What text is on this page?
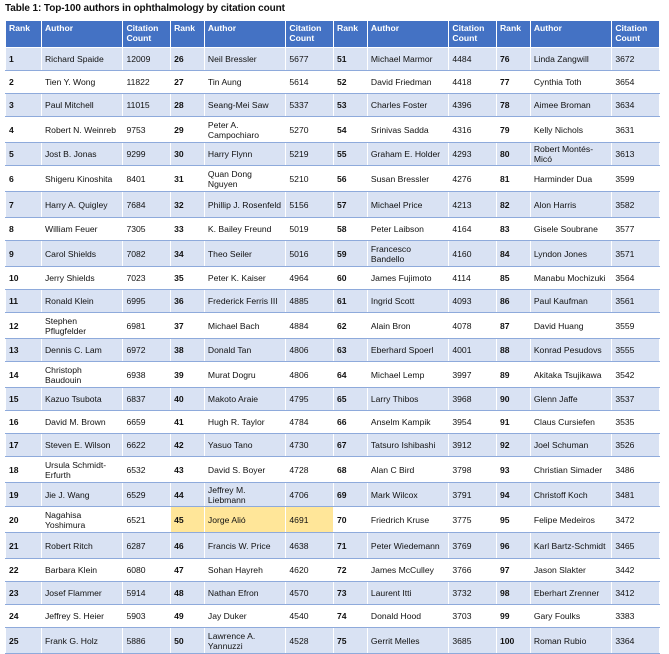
Table 1: Top-100 authors in ophthalmology by citation count
Rank	Author	Citation Count	Rank	Author	Citation Count	Rank	Author	Citation Count	Rank	Author	Citation Count
1	Richard Spaide	12009	26	Neil Bressler	5677	51	Michael Marmor	4484	76	Linda Zangwill	3672
2	Tien Y. Wong	11822	27	Tin Aung	5614	52	David Friedman	4418	77	Cynthia Toth	3654
3	Paul Mitchell	11015	28	Seang-Mei Saw	5337	53	Charles Foster	4396	78	Aimee Broman	3634
4	Robert N. Weinreb	9753	29	Peter A. Campochiaro	5270	54	Srinivas Sadda	4316	79	Kelly Nichols	3631
5	Jost B. Jonas	9299	30	Harry Flynn	5219	55	Graham E. Holder	4293	80	Robert Montés-Micó	3613
6	Shigeru Kinoshita	8401	31	Quan Dong Nguyen	5210	56	Susan Bressler	4276	81	Harminder Dua	3599
7	Harry A. Quigley	7684	32	Phillip J. Rosenfeld	5156	57	Michael Price	4213	82	Alon Harris	3582
8	William Feuer	7305	33	K. Bailey Freund	5019	58	Peter Laibson	4164	83	Gisele Soubrane	3577
9	Carol Shields	7082	34	Theo Seiler	5016	59	Francesco Bandello	4160	84	Lyndon Jones	3571
10	Jerry Shields	7023	35	Peter K. Kaiser	4964	60	James Fujimoto	4114	85	Manabu Mochizuki	3564
11	Ronald Klein	6995	36	Frederick Ferris III	4885	61	Ingrid Scott	4093	86	Paul Kaufman	3561
12	Stephen Pflugfelder	6981	37	Michael Bach	4884	62	Alain Bron	4078	87	David Huang	3559
13	Dennis C. Lam	6972	38	Donald Tan	4806	63	Eberhard Spoerl	4001	88	Konrad Pesudovs	3555
14	Christoph Baudouin	6938	39	Murat Dogru	4806	64	Michael Lemp	3997	89	Akitaka Tsujikawa	3542
15	Kazuo Tsubota	6837	40	Makoto Araie	4795	65	Larry Thibos	3968	90	Glenn Jaffe	3537
16	David M. Brown	6659	41	Hugh R. Taylor	4784	66	Anselm Kampik	3954	91	Claus Cursiefen	3535
17	Steven E. Wilson	6622	42	Yasuo Tano	4730	67	Tatsuro Ishibashi	3912	92	Joel Schuman	3526
18	Ursula Schmidt-Erfurth	6532	43	David S. Boyer	4728	68	Alan C Bird	3798	93	Christian Simader	3486
19	Jie J. Wang	6529	44	Jeffrey M. Liebmann	4706	69	Mark Wilcox	3791	94	Christoff Koch	3481
20	Nagahisa Yoshimura	6521	45	Jorge Alió	4691	70	Friedrich Kruse	3775	95	Felipe Medeiros	3472
21	Robert Ritch	6287	46	Francis W. Price	4638	71	Peter Wiedemann	3769	96	Karl Bartz-Schmidt	3465
22	Barbara Klein	6080	47	Sohan Hayreh	4620	72	James McCulley	3766	97	Jason Slakter	3442
23	Josef Flammer	5914	48	Nathan Efron	4570	73	Laurent Itti	3732	98	Eberhart Zrenner	3412
24	Jeffrey S. Heier	5903	49	Jay Duker	4540	74	Donald Hood	3703	99	Gary Foulks	3383
25	Frank G. Holz	5886	50	Lawrence A. Yannuzzi	4528	75	Gerrit Melles	3685	100	Roman Rubio	3364
